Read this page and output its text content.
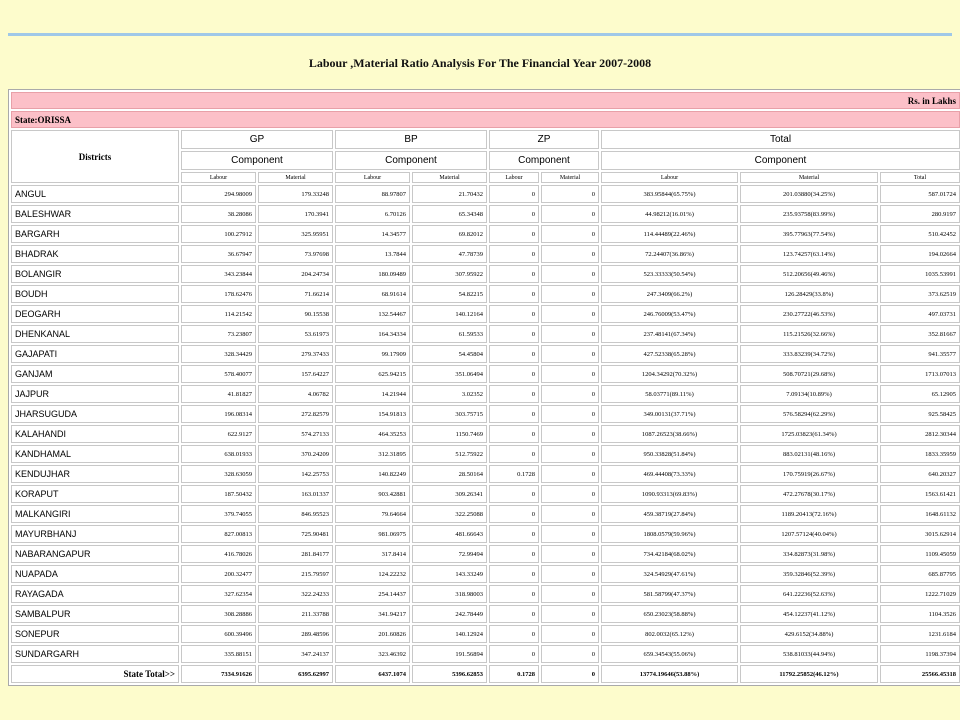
Labour ,Material Ratio Analysis For The Financial Year 2007-2008
Rs. in Lakhs									
State:ORISSA									
Districts	GP		BP		ZP		Total		
	Component		Component		Component		Component		
	Labour	Material	Labour	Material	Labour	Material	Labour	Material	Total
ANGUL	294.98009	179.33248	88.97807	21.70432	0	0	383.95844(65.75%)	201.03880(34.25%)	587.01724
BALESHWAR	38.28086	170.3941	6.70126	65.34348	0	0	44.98212(16.01%)	235.93758(83.99%)	280.9197
BARGARH	100.27912	325.95951	14.34577	69.82012	0	0	114.44489(22.46%)	395.77963(77.54%)	510.42452
BHADRAK	36.67947	73.97698	13.7844	47.78739	0	0	72.24407(36.86%)	123.74257(63.14%)	194.02664
BOLANGIR	343.23844	204.24734	180.09489	307.95922	0	0	523.33333(50.54%)	512.20656(49.46%)	1035.53991
BOUDH	178.62476	71.66214	68.91614	54.82215	0	0	247.3409(66.2%)	126.28429(33.8%)	373.62519
DEOGARH	114.21542	90.15538	132.54467	140.12164	0	0	246.76009(53.47%)	230.27722(46.53%)	497.03731
DHENKANAL	73.23807	53.61973	164.34334	61.59533	0	0	237.48141(67.34%)	115.21526(32.66%)	352.81667
GAJAPATI	328.34429	279.37433	99.17909	54.45804	0	0	427.52338(65.28%)	333.83239(34.72%)	941.35577
GANJAM	578.40077	157.64227	625.94215	351.06494	0	0	1204.34292(70.32%)	508.70721(29.68%)	1713.07013
JAJPUR	41.81827	4.06782	14.21944	3.02352	0	0	58.03771(89.11%)	7.09134(10.89%)	65.12905
JHARSUGUDA	196.08314	272.82579	154.91813	303.75715	0	0	349.00131(37.71%)	576.58294(62.29%)	925.58425
KALAHANDI	622.9127	574.27133	464.35253	1150.7469	0	0	1087.26523(38.66%)	1725.03823(61.34%)	2812.30344
KANDHAMAL	638.01933	370.24209	312.31895	512.75922	0	0	950.33828(51.84%)	883.02131(48.16%)	1833.35959
KENDUJHAR	328.63059	142.25753	140.82249	28.50164	0.1728	0	469.44408(73.33%)	170.75919(26.67%)	640.20327
KORAPUT	187.50432	163.01337	903.42881	309.26341	0	0	1090.93313(69.83%)	472.27678(30.17%)	1563.61421
MALKANGIRI	379.74055	846.95523	79.64664	322.25088	0	0	459.38719(27.84%)	1189.20413(72.16%)	1648.61132
MAYURBHANJ	827.00813	725.90481	981.06975	481.66643	0	0	1808.0579(59.96%)	1207.57124(40.04%)	3015.62914
NABARANGAPUR	416.78026	281.84177	317.8414	72.99494	0	0	734.42184(68.02%)	334.82873(31.98%)	1109.45059
NUAPADA	200.32477	215.79597	124.22232	143.33249	0	0	324.54929(47.61%)	359.32846(52.39%)	685.87795
RAYAGADA	327.62354	322.24233	254.14437	318.98003	0	0	581.58799(47.37%)	641.22236(52.63%)	1222.71029
SAMBALPUR	308.28886	211.33788	341.94217	242.78449	0	0	650.23023(58.88%)	454.12237(41.12%)	1104.3526
SONEPUR	600.39496	289.48596	201.60826	140.12924	0	0	802.0032(65.12%)	429.6152(34.88%)	1231.6184
SUNDARGARH	335.88151	347.24137	323.46392	191.56894	0	0	659.34543(55.06%)	538.81033(44.94%)	1198.37394
State Total>>	7334.91626	6395.62997	6437.1074	5396.62853	0.1728	0	13774.19646(53.88%)	11792.25852(46.12%)	25566.45318
